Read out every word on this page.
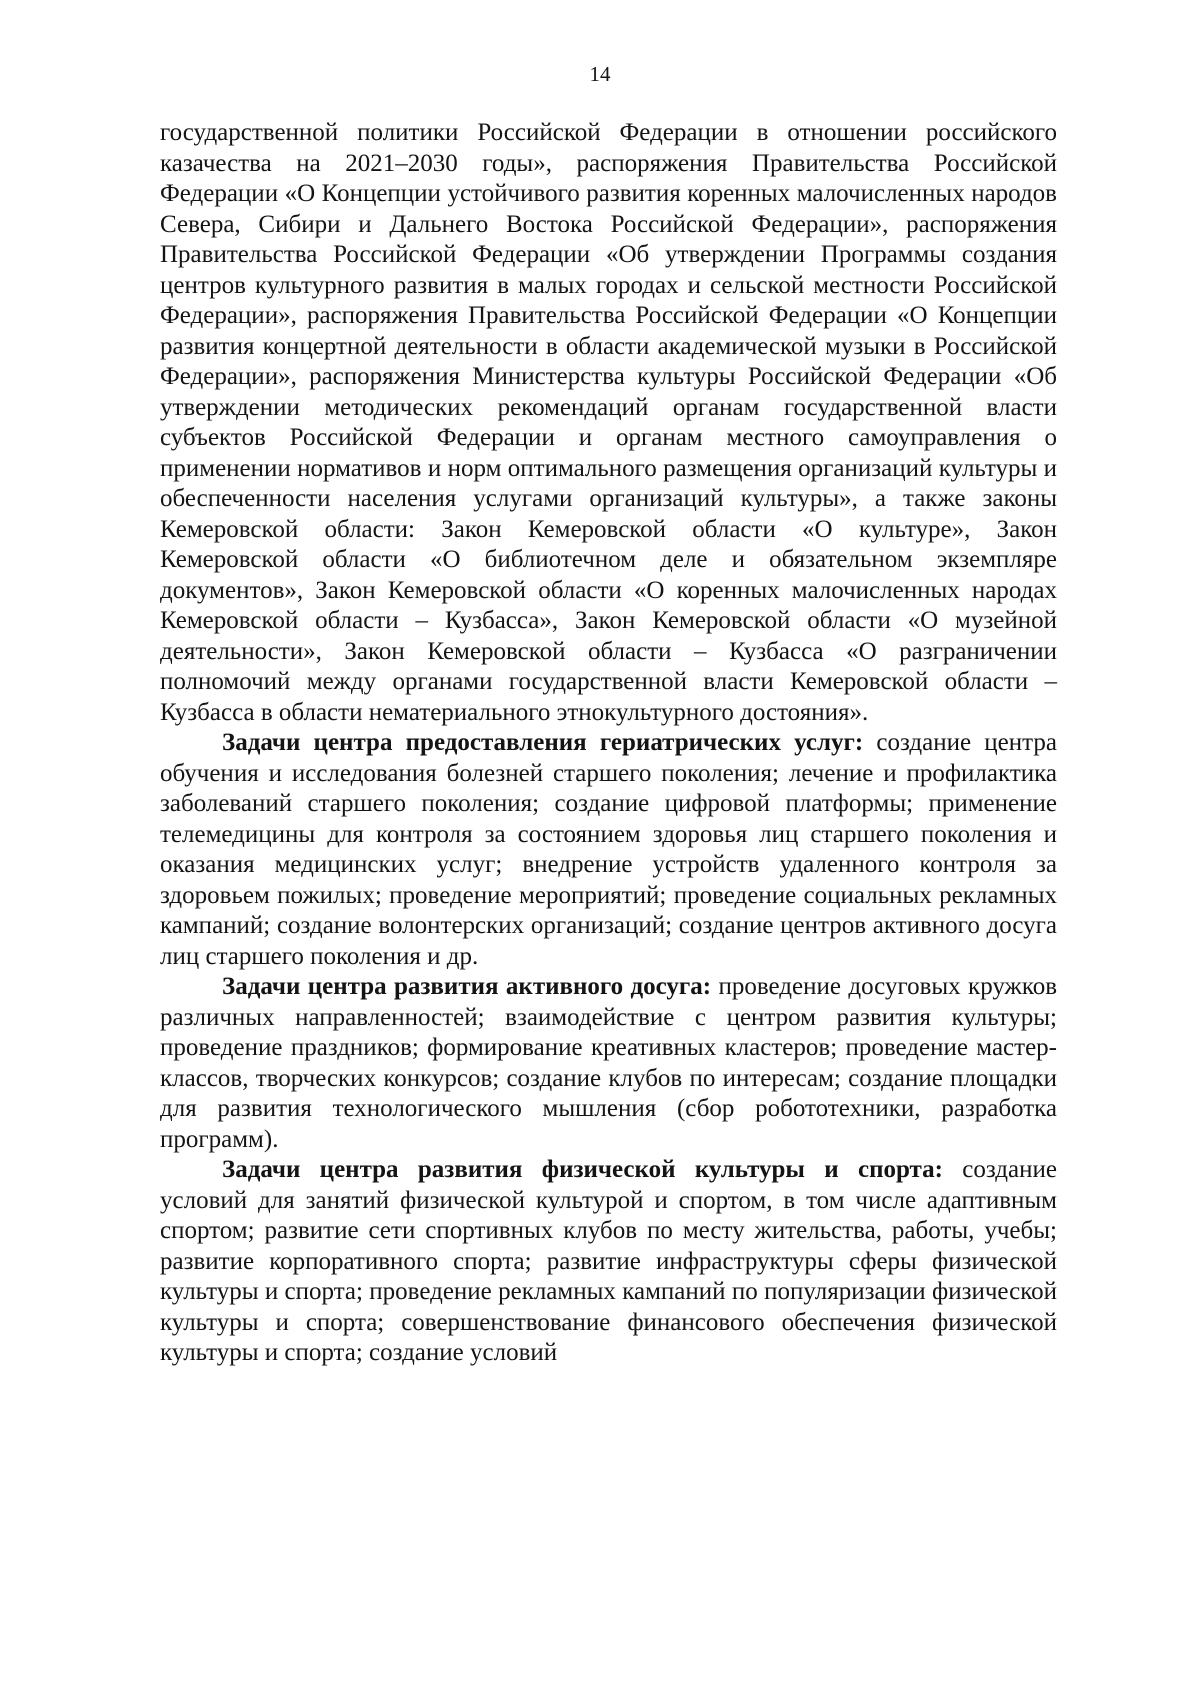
14

государственной политики Российской Федерации в отношении российского казачества на 2021–2030 годы», распоряжения Правительства Российской Федерации «О Концепции устойчивого развития коренных малочисленных народов Севера, Сибири и Дальнего Востока Российской Федерации», распоряжения Правительства Российской Федерации «Об утверждении Программы создания центров культурного развития в малых городах и сельской местности Российской Федерации», распоряжения Правительства Российской Федерации «О Концепции развития концертной деятельности в области академической музыки в Российской Федерации», распоряжения Министерства культуры Российской Федерации «Об утверждении методических рекомендаций органам государственной власти субъектов Российской Федерации и органам местного самоуправления о применении нормативов и норм оптимального размещения организаций культуры и обеспеченности населения услугами организаций культуры», а также законы Кемеровской области: Закон Кемеровской области «О культуре», Закон Кемеровской области «О библиотечном деле и обязательном экземпляре документов», Закон Кемеровской области «О коренных малочисленных народах Кемеровской области – Кузбасса», Закон Кемеровской области «О музейной деятельности», Закон Кемеровской области – Кузбасса «О разграничении полномочий между органами государственной власти Кемеровской области – Кузбасса в области нематериального этнокультурного достояния».

Задачи центра предоставления гериатрических услуг: создание центра обучения и исследования болезней старшего поколения; лечение и профилактика заболеваний старшего поколения; создание цифровой платформы; применение телемедицины для контроля за состоянием здоровья лиц старшего поколения и оказания медицинских услуг; внедрение устройств удаленного контроля за здоровьем пожилых; проведение мероприятий; проведение социальных рекламных кампаний; создание волонтерских организаций; создание центров активного досуга лиц старшего поколения и др.

Задачи центра развития активного досуга: проведение досуговых кружков различных направленностей; взаимодействие с центром развития культуры; проведение праздников; формирование креативных кластеров; проведение мастер-классов, творческих конкурсов; создание клубов по интересам; создание площадки для развития технологического мышления (сбор робототехники, разработка программ).

Задачи центра развития физической культуры и спорта: создание условий для занятий физической культурой и спортом, в том числе адаптивным спортом; развитие сети спортивных клубов по месту жительства, работы, учебы; развитие корпоративного спорта; развитие инфраструктуры сферы физической культуры и спорта; проведение рекламных кампаний по популяризации физической культуры и спорта; совершенствование финансового обеспечения физической культуры и спорта; создание условий
